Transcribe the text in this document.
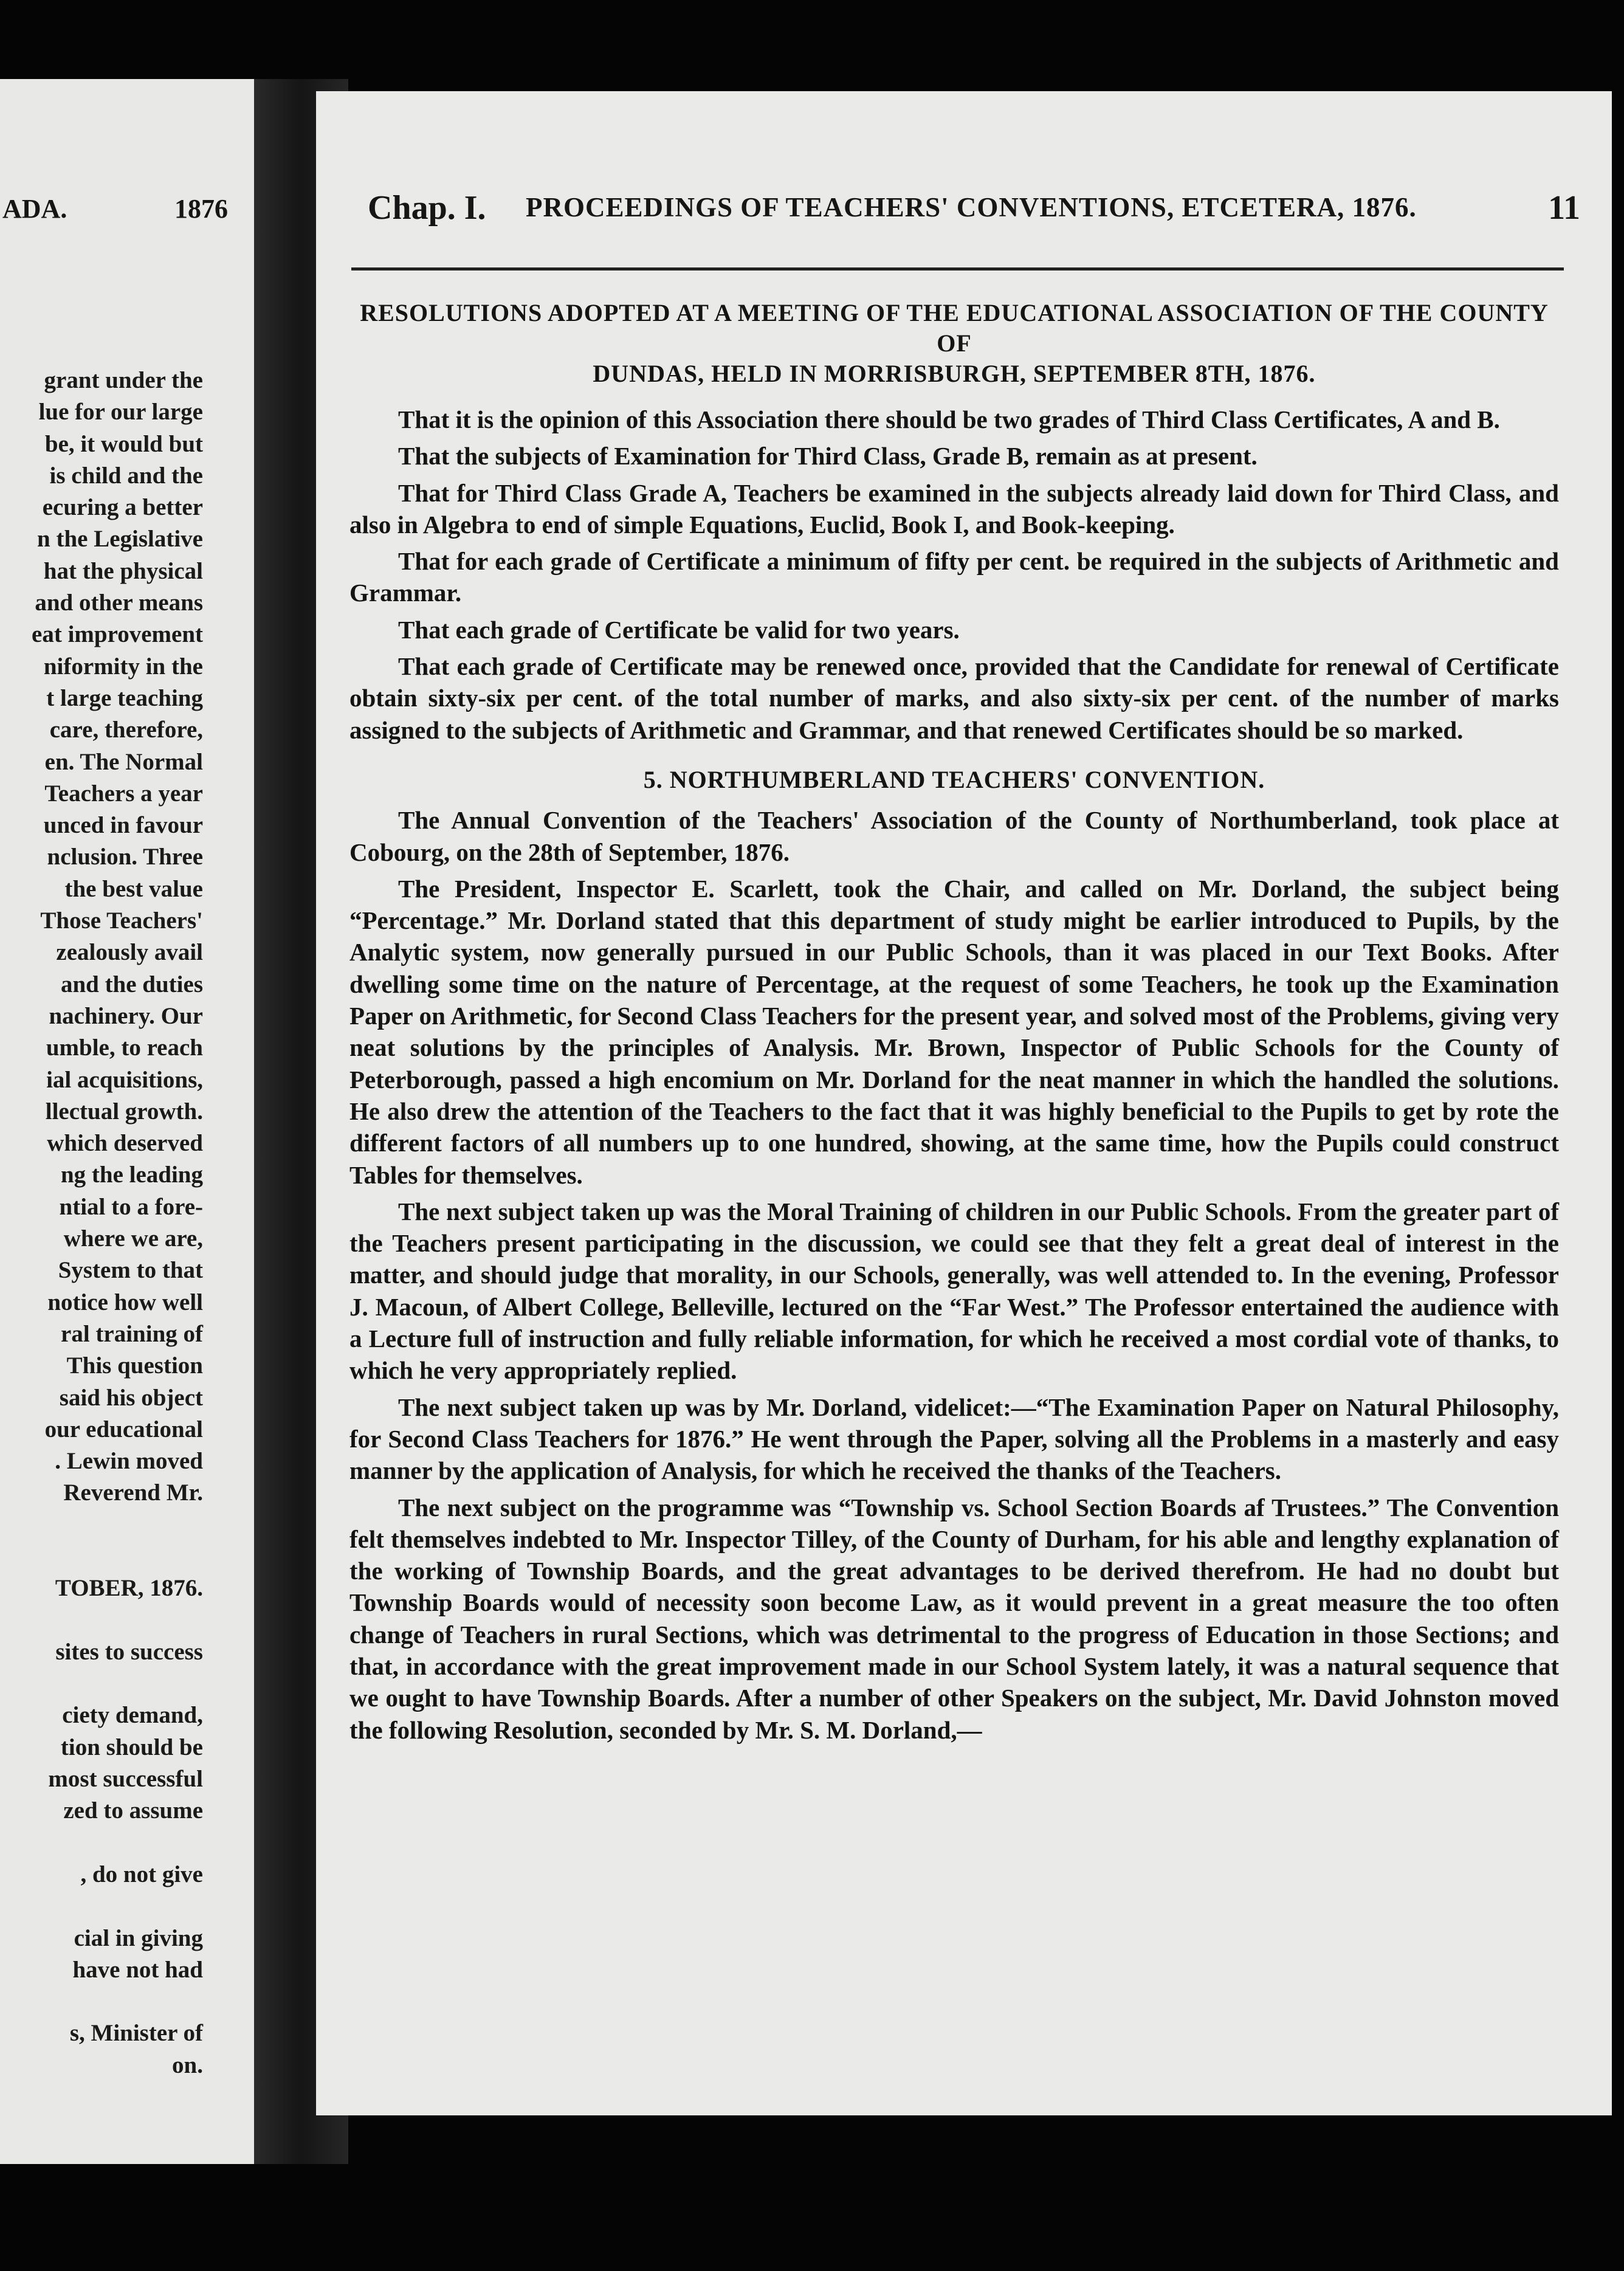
ADA.	1876
grant under the
lue for our large
be, it would but
is child and the
ecuring a better
n the Legislative
hat the physical
and other means
eat improvement
niformity in the
t large teaching
care, therefore,
en. The Normal
Teachers a year
unced in favour
nclusion. Three
the best value
Those Teachers'
zealously avail
and the duties
nachinery. Our
umble, to reach
ial acquisitions,
llectual growth.
which deserved
ng the leading
ntial to a fore-
where we are,
System to that
notice how well
ral training of
This question
said his object
our educational
. Lewin moved
Reverend Mr.
TOBER, 1876.
sites to success
ciety demand,
tion should be
most successful
zed to assume
, do not give
cial in giving
have not had
s, Minister of
on.
Chap. I. PROCEEDINGS OF TEACHERS' CONVENTIONS, ETCETERA, 1876.	11
RESOLUTIONS ADOPTED AT A MEETING OF THE EDUCATIONAL ASSOCIATION OF THE COUNTY OF
DUNDAS, HELD IN MORRISBURGH, SEPTEMBER 8TH, 1876.

That it is the opinion of this Association there should be two grades of Third Class Certificates, A and B.

That the subjects of Examination for Third Class, Grade B, remain as at present.

That for Third Class Grade A, Teachers be examined in the subjects already laid down for Third Class, and also in Algebra to end of simple Equations, Euclid, Book I, and Book-keeping.

That for each grade of Certificate a minimum of fifty per cent. be required in the subjects of Arithmetic and Grammar.

That each grade of Certificate be valid for two years.

That each grade of Certificate may be renewed once, provided that the Candidate for renewal of Certificate obtain sixty-six per cent. of the total number of marks, and also sixty-six per cent. of the number of marks assigned to the subjects of Arithmetic and Grammar, and that renewed Certificates should be so marked.

5. NORTHUMBERLAND TEACHERS' CONVENTION.

The Annual Convention of the Teachers' Association of the County of Northumberland, took place at Cobourg, on the 28th of September, 1876.

The President, Inspector E. Scarlett, took the Chair, and called on Mr. Dorland, the subject being “Percentage.” Mr. Dorland stated that this department of study might be earlier introduced to Pupils, by the Analytic system, now generally pursued in our Public Schools, than it was placed in our Text Books. After dwelling some time on the nature of Percentage, at the request of some Teachers, he took up the Examination Paper on Arithmetic, for Second Class Teachers for the present year, and solved most of the Problems, giving very neat solutions by the principles of Analysis. Mr. Brown, Inspector of Public Schools for the County of Peterborough, passed a high encomium on Mr. Dorland for the neat manner in which the handled the solutions. He also drew the attention of the Teachers to the fact that it was highly beneficial to the Pupils to get by rote the different factors of all numbers up to one hundred, showing, at the same time, how the Pupils could construct Tables for themselves.

The next subject taken up was the Moral Training of children in our Public Schools. From the greater part of the Teachers present participating in the discussion, we could see that they felt a great deal of interest in the matter, and should judge that morality, in our Schools, generally, was well attended to. In the evening, Professor J. Macoun, of Albert College, Belleville, lectured on the “Far West.” The Professor entertained the audience with a Lecture full of instruction and fully reliable information, for which he received a most cordial vote of thanks, to which he very appropriately replied.

The next subject taken up was by Mr. Dorland, videlicet:—“The Examination Paper on Natural Philosophy, for Second Class Teachers for 1876.” He went through the Paper, solving all the Problems in a masterly and easy manner by the application of Analysis, for which he received the thanks of the Teachers.

The next subject on the programme was “Township vs. School Section Boards af Trustees.” The Convention felt themselves indebted to Mr. Inspector Tilley, of the County of Durham, for his able and lengthy explanation of the working of Township Boards, and the great advantages to be derived therefrom. He had no doubt but Township Boards would of necessity soon become Law, as it would prevent in a great measure the too often change of Teachers in rural Sections, which was detrimental to the progress of Education in those Sections; and that, in accordance with the great improvement made in our School System lately, it was a natural sequence that we ought to have Township Boards. After a number of other Speakers on the subject, Mr. David Johnston moved the following Resolution, seconded by Mr. S. M. Dorland,—
